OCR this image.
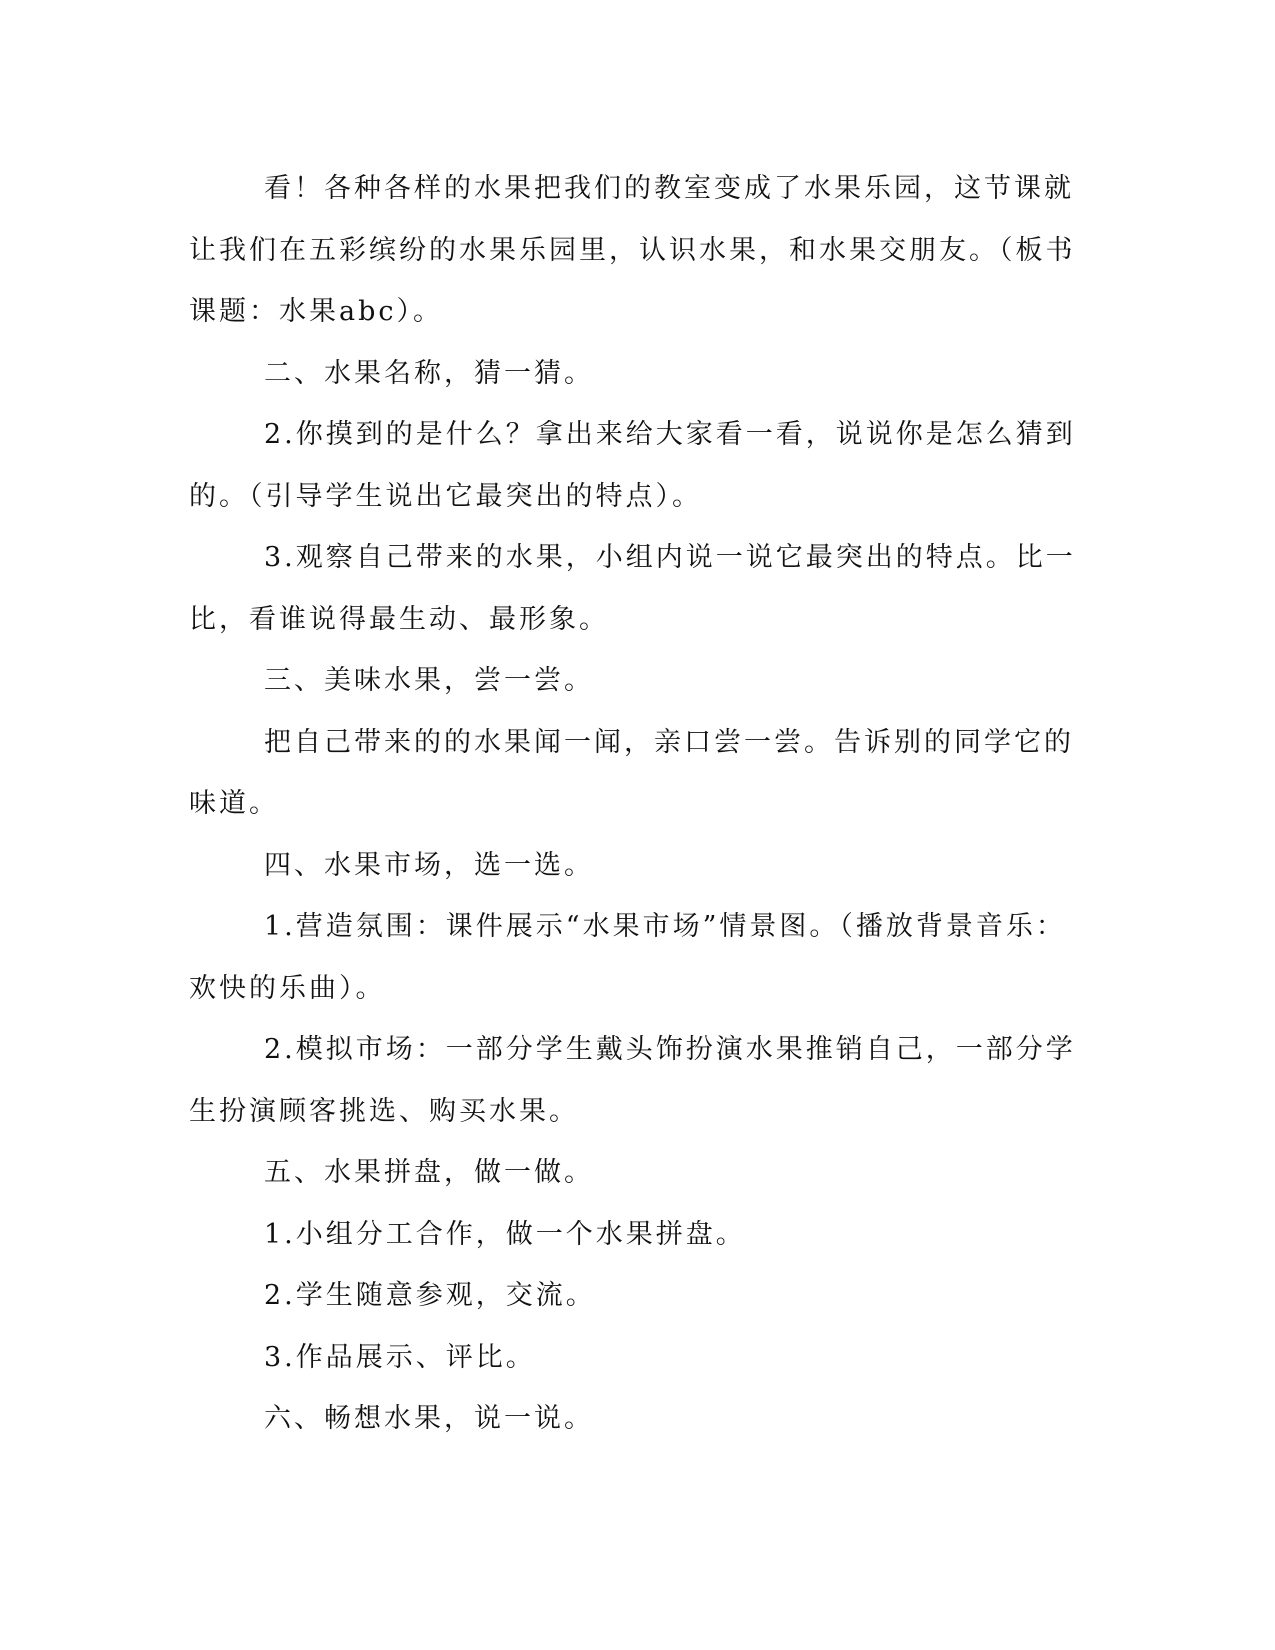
看！各种各样的水果把我们的教室变成了水果乐园，这节课就让我们在五彩缤纷的水果乐园里，认识水果，和水果交朋友。（板书课题：水果abc）。

二、水果名称，猜一猜。

2.你摸到的是什么？拿出来给大家看一看，说说你是怎么猜到的。（引导学生说出它最突出的特点）。

3.观察自己带来的水果，小组内说一说它最突出的特点。比一比，看谁说得最生动、最形象。

三、美味水果，尝一尝。

把自己带来的的水果闻一闻，亲口尝一尝。告诉别的同学它的味道。

四、水果市场，选一选。

1.营造氛围：课件展示“水果市场”情景图。（播放背景音乐：欢快的乐曲）。

2.模拟市场：一部分学生戴头饰扮演水果推销自己，一部分学生扮演顾客挑选、购买水果。

五、水果拼盘，做一做。

1.小组分工合作，做一个水果拼盘。

2.学生随意参观，交流。

3.作品展示、评比。

六、畅想水果，说一说。
